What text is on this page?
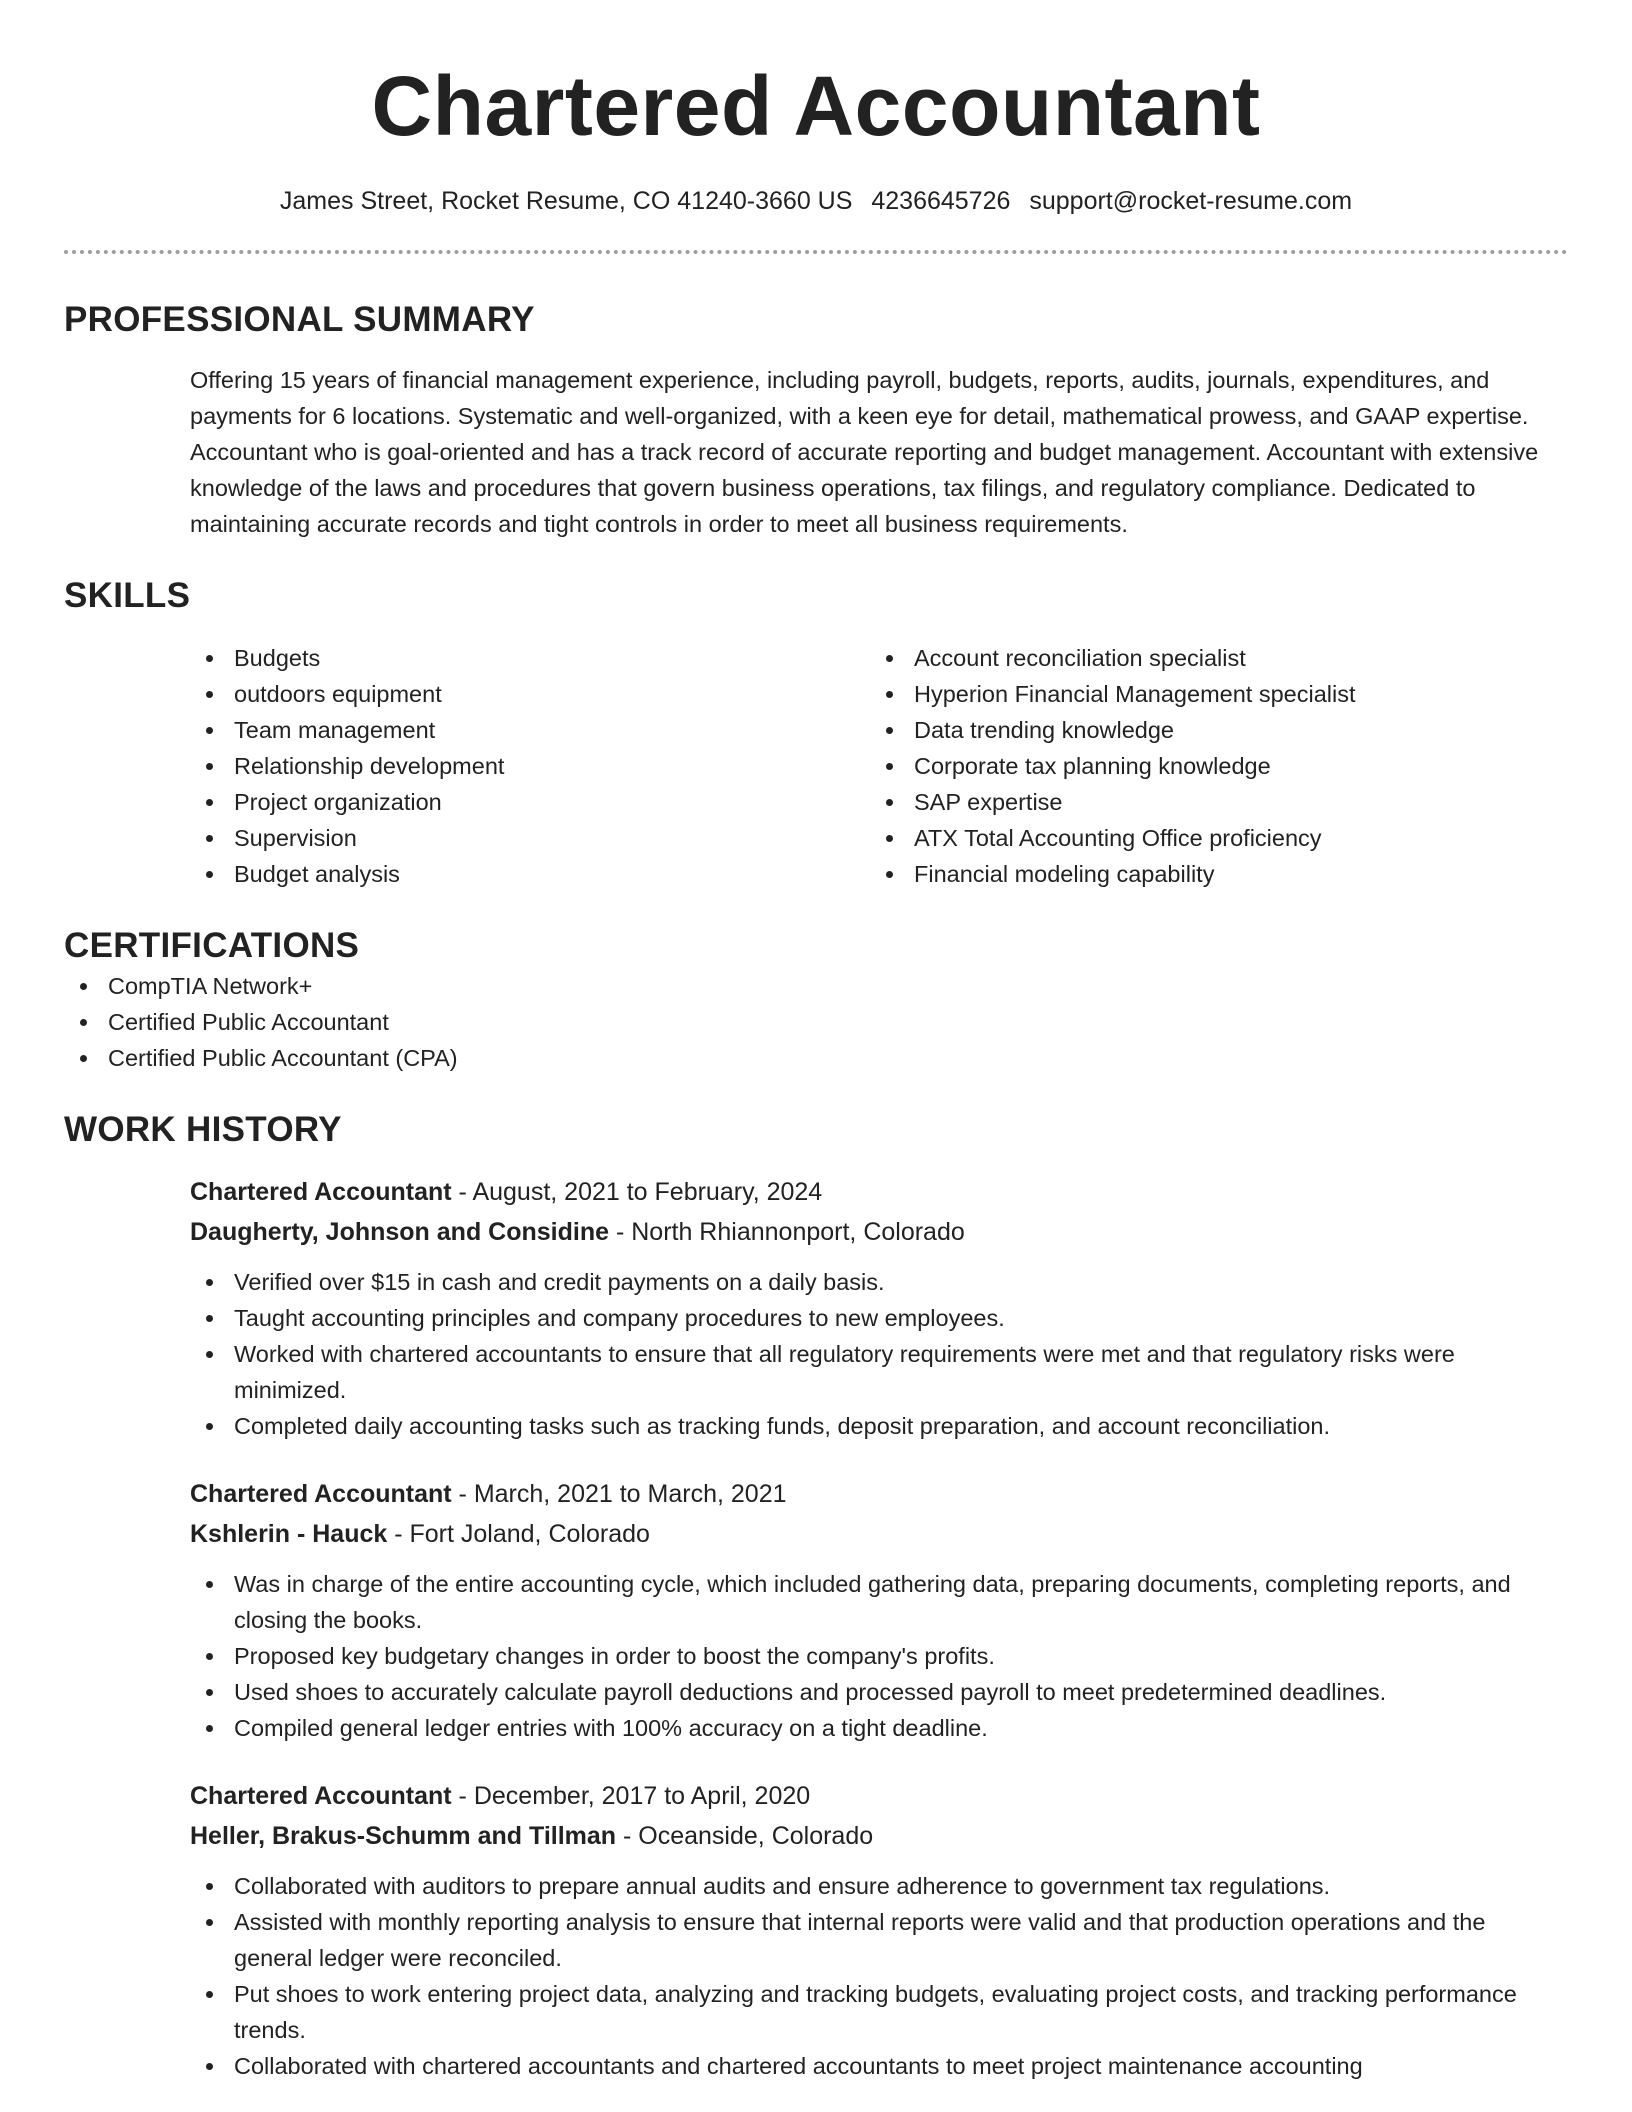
Chartered Accountant
James Street, Rocket Resume, CO 41240-3660 US 4236645726 support@rocket-resume.com
PROFESSIONAL SUMMARY

Offering 15 years of financial management experience, including payroll, budgets, reports, audits, journals, expenditures, and payments for 6 locations. Systematic and well-organized, with a keen eye for detail, mathematical prowess, and GAAP expertise. Accountant who is goal-oriented and has a track record of accurate reporting and budget management. Accountant with extensive knowledge of the laws and procedures that govern business operations, tax filings, and regulatory compliance. Dedicated to maintaining accurate records and tight controls in order to meet all business requirements.

SKILLS
Budgets
outdoors equipment
Team management
Relationship development
Project organization
Supervision
Budget analysis
Account reconciliation specialist
Hyperion Financial Management specialist
Data trending knowledge
Corporate tax planning knowledge
SAP expertise
ATX Total Accounting Office proficiency
Financial modeling capability
CERTIFICATIONS
CompTIA Network+
Certified Public Accountant
Certified Public Accountant (CPA)
WORK HISTORY
Chartered Accountant - August, 2021 to February, 2024
Daugherty, Johnson and Considine - North Rhiannonport, Colorado
Verified over $15 in cash and credit payments on a daily basis.
Taught accounting principles and company procedures to new employees.
Worked with chartered accountants to ensure that all regulatory requirements were met and that regulatory risks were minimized.
Completed daily accounting tasks such as tracking funds, deposit preparation, and account reconciliation.
Chartered Accountant - March, 2021 to March, 2021
Kshlerin - Hauck - Fort Joland, Colorado
Was in charge of the entire accounting cycle, which included gathering data, preparing documents, completing reports, and closing the books.
Proposed key budgetary changes in order to boost the company's profits.
Used shoes to accurately calculate payroll deductions and processed payroll to meet predetermined deadlines.
Compiled general ledger entries with 100% accuracy on a tight deadline.
Chartered Accountant - December, 2017 to April, 2020
Heller, Brakus-Schumm and Tillman - Oceanside, Colorado
Collaborated with auditors to prepare annual audits and ensure adherence to government tax regulations.
Assisted with monthly reporting analysis to ensure that internal reports were valid and that production operations and the general ledger were reconciled.
Put shoes to work entering project data, analyzing and tracking budgets, evaluating project costs, and tracking performance trends.
Collaborated with chartered accountants and chartered accountants to meet project maintenance accounting
